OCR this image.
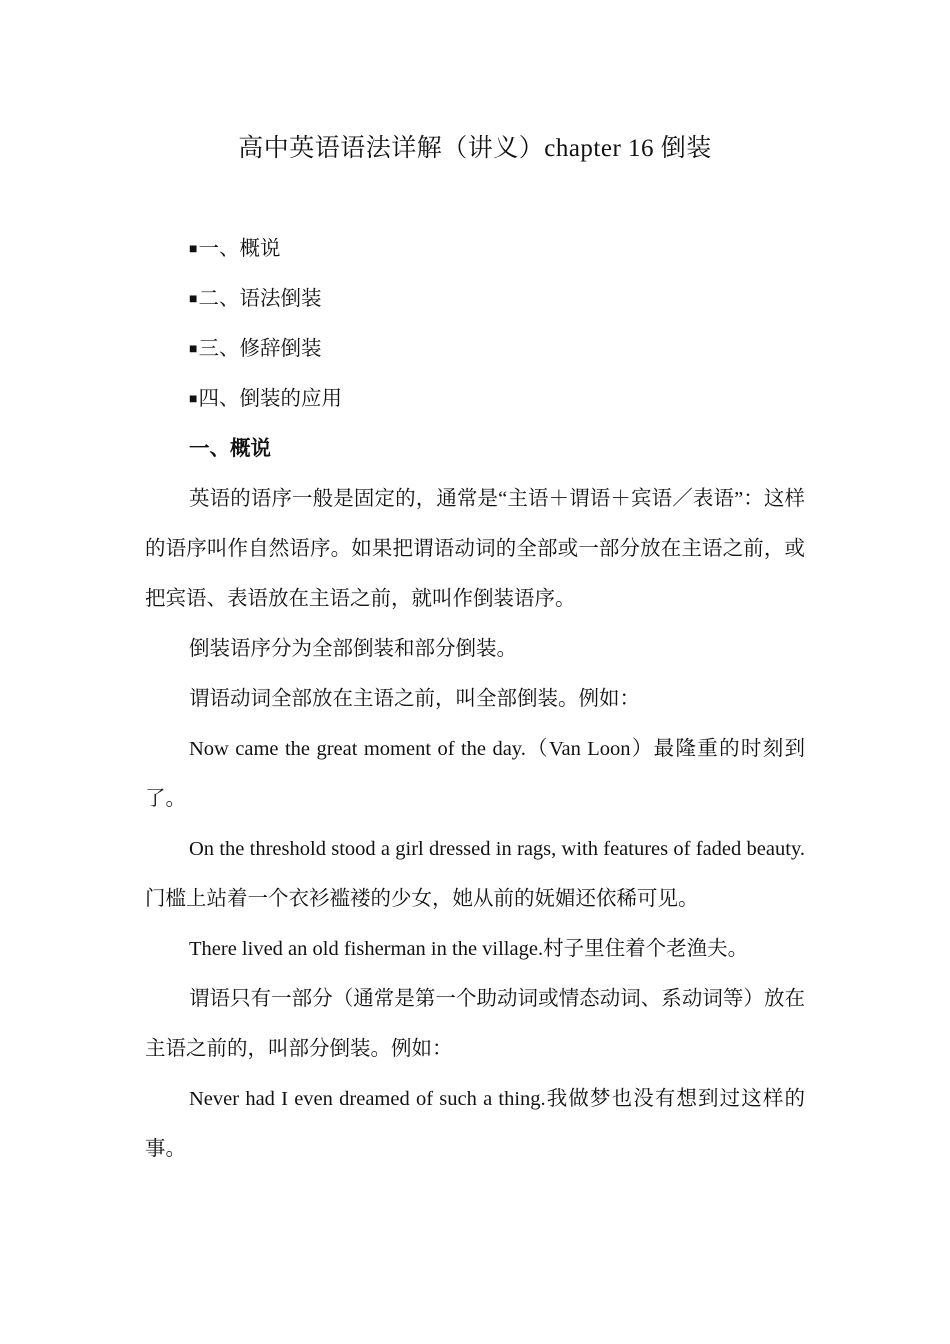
高中英语语法详解（讲义）chapter 16 倒装

■一、概说

■二、语法倒装

■三、修辞倒装

■四、倒装的应用

一、概说

英语的语序一般是固定的，通常是“主语＋谓语＋宾语／表语”：这样的语序叫作自然语序。如果把谓语动词的全部或一部分放在主语之前，或把宾语、表语放在主语之前，就叫作倒装语序。

倒装语序分为全部倒装和部分倒装。

谓语动词全部放在主语之前，叫全部倒装。例如：

Now came the great moment of the day.（Van Loon）最隆重的时刻到了。

On the threshold stood a girl dressed in rags, with features of faded beauty.门槛上站着一个衣衫褴褛的少女，她从前的妩媚还依稀可见。

There lived an old fisherman in the village.村子里住着个老渔夫。

谓语只有一部分（通常是第一个助动词或情态动词、系动词等）放在主语之前的，叫部分倒装。例如：

Never had I even dreamed of such a thing.我做梦也没有想到过这样的事。
